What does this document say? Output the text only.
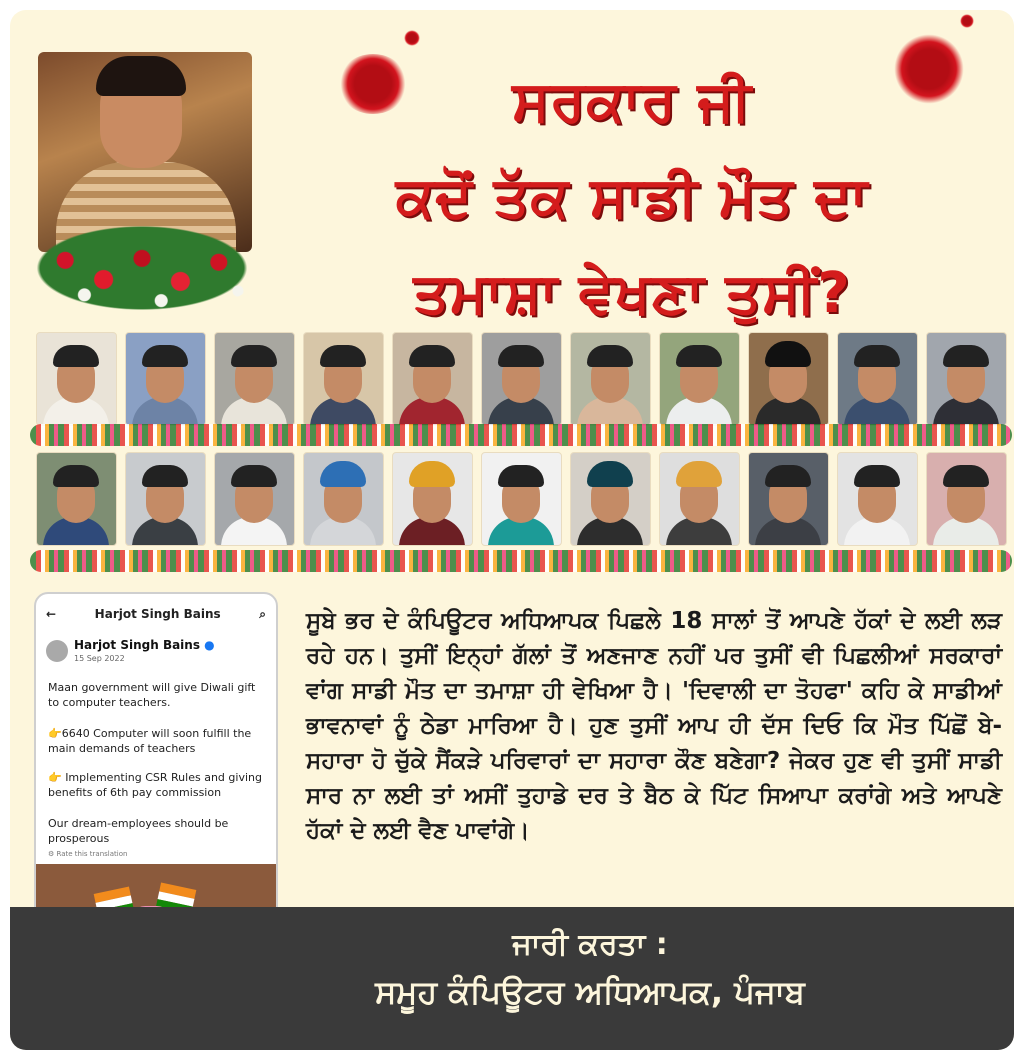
ਸਰਕਾਰ ਜੀ
ਕਦੋਂ ਤੱਕ ਸਾਡੀ ਮੌਤ ਦਾ
ਤਮਾਸ਼ਾ ਵੇਖਣਾ ਤੁਸੀਂ?
←	Harjot Singh Bains	⌕
Harjot Singh Bains ●
15 Sep 2022
Maan government will give Diwali gift to computer teachers.
👉6640 Computer will soon fulfill the main demands of teachers
👉 Implementing CSR Rules and giving benefits of 6th pay commission
Our dream-employees should be prosperous
⚙ Rate this translation
ਸੂਬੇ ਭਰ ਦੇ ਕੰਪਿਊਟਰ ਅਧਿਆਪਕ ਪਿਛਲੇ 18 ਸਾਲਾਂ ਤੋਂ ਆਪਣੇ ਹੱਕਾਂ ਦੇ ਲਈ ਲੜ ਰਹੇ ਹਨ। ਤੁਸੀਂ ਇਨ੍ਹਾਂ ਗੱਲਾਂ ਤੋਂ ਅਣਜਾਣ ਨਹੀਂ ਪਰ ਤੁਸੀਂ ਵੀ ਪਿਛਲੀਆਂ ਸਰਕਾਰਾਂ ਵਾਂਗ ਸਾਡੀ ਮੌਤ ਦਾ ਤਮਾਸ਼ਾ ਹੀ ਵੇਖਿਆ ਹੈ। 'ਦਿਵਾਲੀ ਦਾ ਤੋਹਫਾ' ਕਹਿ ਕੇ ਸਾਡੀਆਂ ਭਾਵਨਾਵਾਂ ਨੂੰ ਠੇਡਾ ਮਾਰਿਆ ਹੈ। ਹੁਣ ਤੁਸੀਂ ਆਪ ਹੀ ਦੱਸ ਦਿਓ ਕਿ ਮੌਤ ਪਿੱਛੋਂ ਬੇ-ਸਹਾਰਾ ਹੋ ਚੁੱਕੇ ਸੈਂਕੜੇ ਪਰਿਵਾਰਾਂ ਦਾ ਸਹਾਰਾ ਕੌਣ ਬਣੇਗਾ? ਜੇਕਰ ਹੁਣ ਵੀ ਤੁਸੀਂ ਸਾਡੀ ਸਾਰ ਨਾ ਲਈ ਤਾਂ ਅਸੀਂ ਤੁਹਾਡੇ ਦਰ ਤੇ ਬੈਠ ਕੇ ਪਿੱਟ ਸਿਆਪਾ ਕਰਾਂਗੇ ਅਤੇ ਆਪਣੇ ਹੱਕਾਂ ਦੇ ਲਈ ਵੈਣ ਪਾਵਾਂਗੇ।
ਜਾਰੀ ਕਰਤਾ :
ਸਮੂਹ ਕੰਪਿਊਟਰ ਅਧਿਆਪਕ, ਪੰਜਾਬ
